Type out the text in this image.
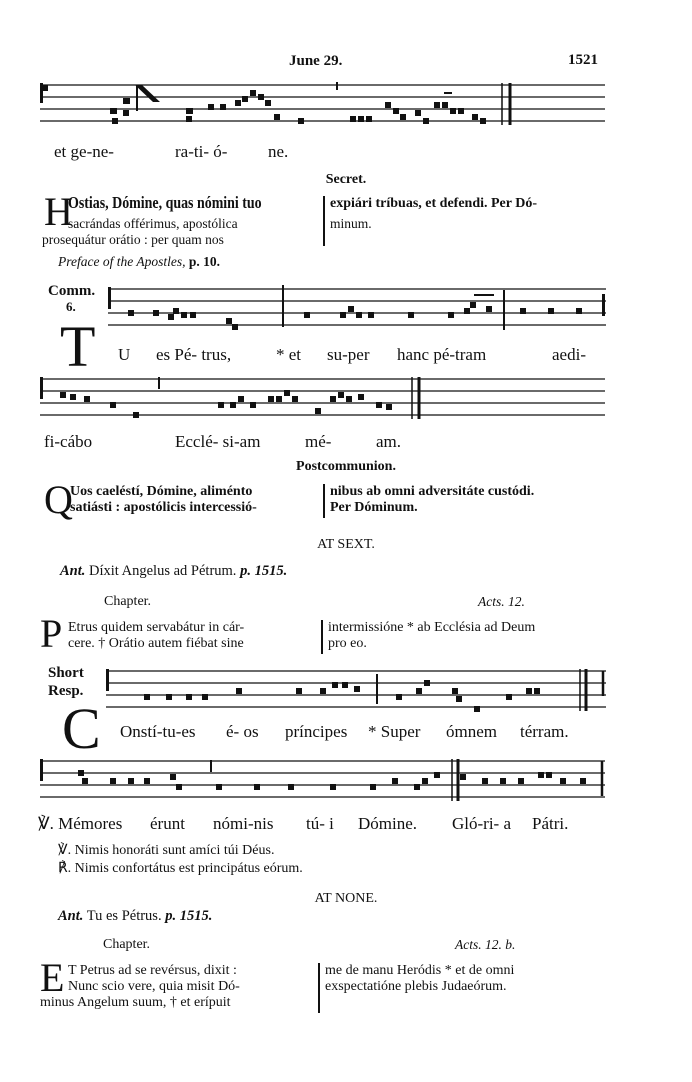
June 29.	1521
et ge-ne-	ra-ti- ó- ne.
Secret.
H
Ostias, Dómine, quas nómini tuo
sacrándas offérimus, apostólica
prosequátur orátio : per quam nos
expiári tríbuas, et defendi. Per Dó-
minum.
Preface of the Apostles, p. 10.
Comm.
6.
T U es Pé- trus,	* et su-per hanc pé-tram	aedi-
fi-cábo	Ecclé- si-am	mé-	am.
Postcommunion.
Q
Uos caeléstí, Dómine, aliménto
satiásti : apostólicis intercessió-
nibus ab omni adversitáte custódi.
Per Dóminum.
AT SEXT.
Ant. Díxit Angelus ad Pétrum. p. 1515.
Chapter.	Acts. 12.
P Etrus quidem servabátur in cár-
cere. † Orátio autem fiébat sine
intermissióne * ab Ecclésia ad Deum
pro eo.
Short
Resp.
C Onstí-tu-es é- os príncipes * Super ómnem térram.
℣. Mémores érunt nómi-nis tú- i Dómine. Gló-ri- a Pátri.
℣. Nimis honoráti sunt amíci túi Déus.
℟. Nimis confortátus est principátus eórum.
AT NONE.
Ant. Tu es Pétrus. p. 1515.
Chapter.	Acts. 12. b.
E T Petrus ad se revérsus, dixit :
Nunc scio vere, quia misit Dó-
minus Angelum suum, † et erípuit
me de manu Heródis * et de omni
exspectatióne plebis Judaeórum.
